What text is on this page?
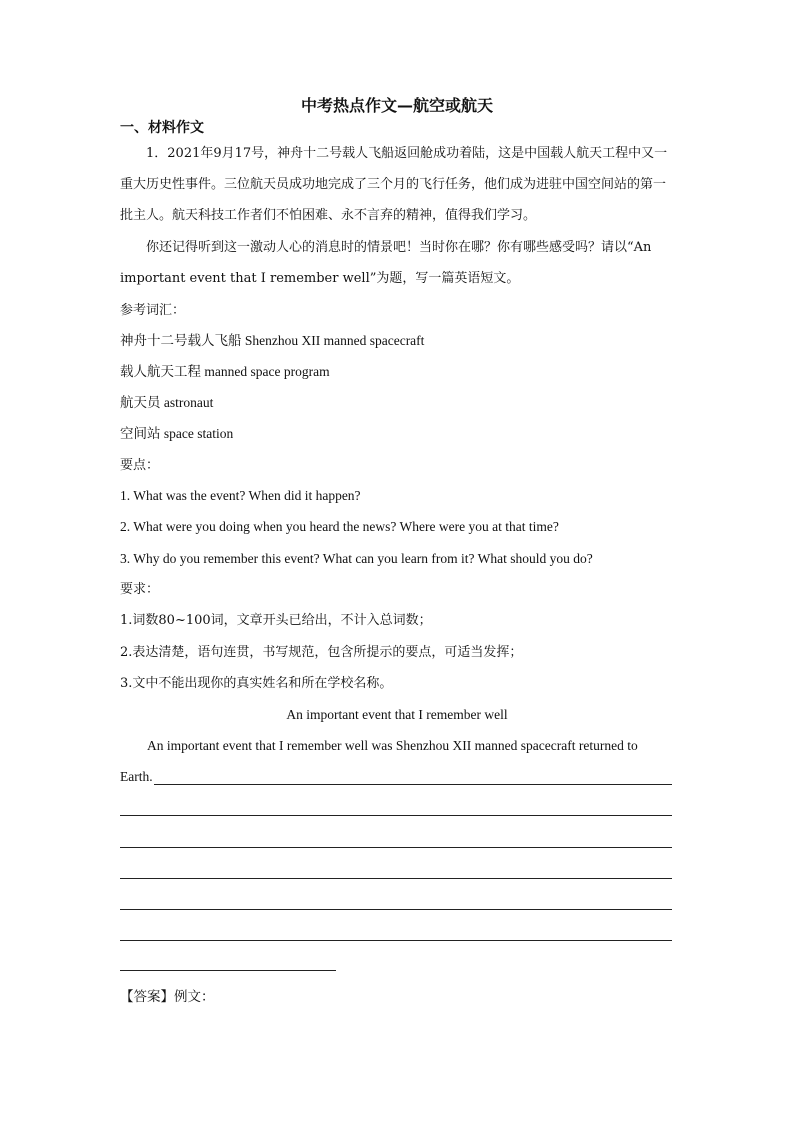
中考热点作文—航空或航天
一、材料作文
1．2021年9月17号，神舟十二号载人飞船返回舱成功着陆，这是中国载人航天工程中又一重大历史性事件。三位航天员成功地完成了三个月的飞行任务，他们成为进驻中国空间站的第一批主人。航天科技工作者们不怕困难、永不言弃的精神，值得我们学习。
你还记得听到这一激动人心的消息时的情景吧！当时你在哪？你有哪些感受吗？请以“An important event that I remember well”为题，写一篇英语短文。
参考词汇：
神舟十二号载人飞船 Shenzhou XII manned spacecraft
载人航天工程 manned space program
航天员 astronaut
空间站 space station
要点：
1. What was the event? When did it happen?
2. What were you doing when you heard the news? Where were you at that time?
3. Why do you remember this event? What can you learn from it? What should you do?
要求：
1.词数80~100词，文章开头已给出，不计入总词数；
2.表达清楚，语句连贯，书写规范，包含所提示的要点，可适当发挥；
3.文中不能出现你的真实姓名和所在学校名称。
An important event that I remember well
An important event that I remember well was Shenzhou XII manned spacecraft returned to
Earth.
【答案】例文：
